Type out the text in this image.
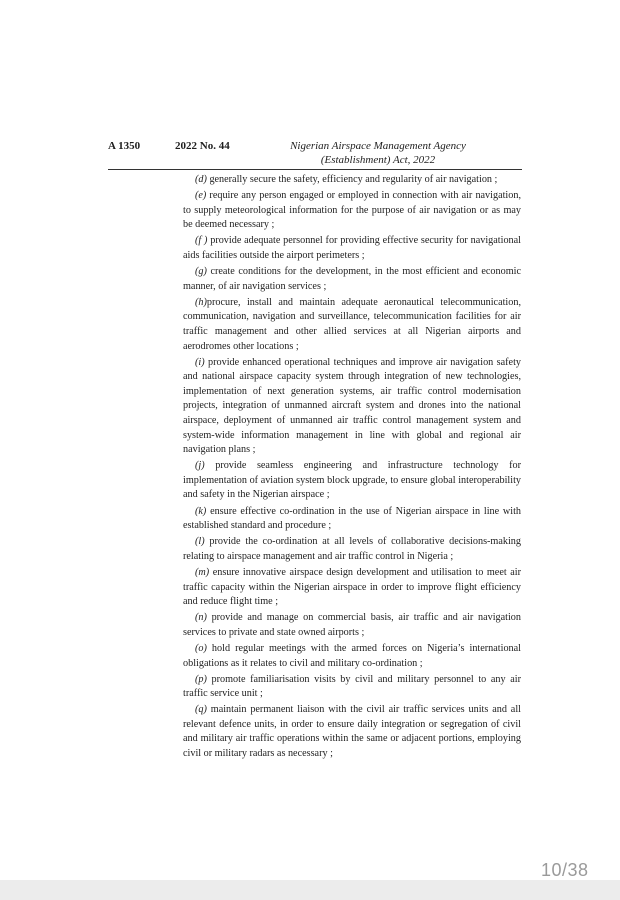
A 1350	2022 No. 44	Nigerian Airspace Management Agency
(Establishment) Act, 2022

(d) generally secure the safety, efficiency and regularity of air navigation ;

(e) require any person engaged or employed in connection with air navigation, to supply meteorological information for the purpose of air navigation or as may be deemed necessary ;

(f ) provide adequate personnel for providing effective security for navigational aids facilities outside the airport perimeters ;

(g) create conditions for the development, in the most efficient and economic manner, of air navigation services ;

(h)procure, install and maintain adequate aeronautical telecommunication, communication, navigation and surveillance, telecommunication facilities for air traffic management and other allied services at all Nigerian airports and aerodromes other locations ;

(i) provide enhanced operational techniques and improve air navigation safety and national airspace capacity system through integration of new technologies, implementation of next generation systems, air traffic control modernisation projects, integration of unmanned aircraft system and drones into the national airspace, deployment of unmanned air traffic control management system and system-wide information management in line with global and regional air navigation plans ;

(j) provide seamless engineering and infrastructure technology for implementation of aviation system block upgrade, to ensure global interoperability and safety in the Nigerian airspace ;

(k) ensure effective co-ordination in the use of Nigerian airspace in line with established standard and procedure ;

(l) provide the co-ordination at all levels of collaborative decisions-making relating to airspace management and air traffic control in Nigeria ;

(m) ensure innovative airspace design development and utilisation to meet air traffic capacity within the Nigerian airspace in order to improve flight efficiency and reduce flight time ;

(n) provide and manage on commercial basis, air traffic and air navigation services to private and state owned airports ;

(o) hold regular meetings with the armed forces on Nigeria’s international obligations as it relates to civil and military co-ordination ;

(p) promote familiarisation visits by civil and military personnel to any air traffic service unit ;

(q) maintain permanent liaison with the civil air traffic services units and all relevant defence units, in order to ensure daily integration or segregation of civil and military air traffic operations within the same or adjacent portions, employing civil or military radars as necessary ;

10/38
